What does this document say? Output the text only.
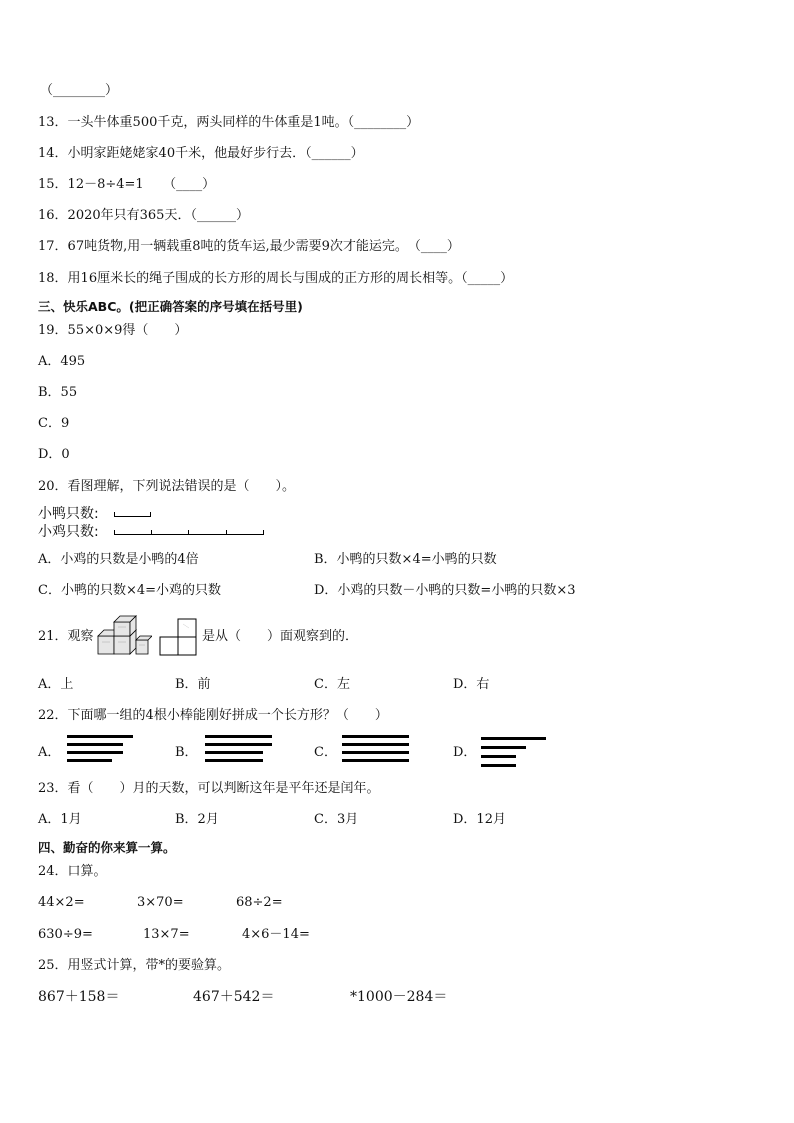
（________）
13．一头牛体重500千克，两头同样的牛体重是1吨。（________）
14．小明家距姥姥家40千米，他最好步行去．（______）
15．12－8÷4=1　　（____）
16．2020年只有365天．（______）
17．67吨货物,用一辆载重8吨的货车运,最少需要9次才能运完。　（____）
18．用16厘米长的绳子围成的长方形的周长与围成的正方形的周长相等。（_____）
三、快乐ABC。(把正确答案的序号填在括号里)
19．55×0×9得（　　）
A．495
B．55
C．9
D．0
20．看图理解，下列说法错误的是（　　）。
小鸭只数:
小鸡只数:
A．小鸡的只数是小鸭的4倍	B．小鸭的只数×4=小鸭的只数
C．小鸭的只数×4=小鸡的只数	D．小鸡的只数－小鸭的只数=小鸭的只数×3
21．观察	是从（　　）面观察到的．
A．上	B．前	C．左	D．右
22．下面哪一组的4根小棒能刚好拼成一个长方形？（　　）
A．	B．	C．	D．
23．看（　　）月的天数，可以判断这年是平年还是闰年。
A．1月	B．2月	C．3月	D．12月
四、勤奋的你来算一算。
24．口算。
44×2=	3×70=	68÷2=
630÷9=	13×7=	4×6－14=
25．用竖式计算，带*的要验算。
867＋158＝	467＋542＝	*1000－284＝
